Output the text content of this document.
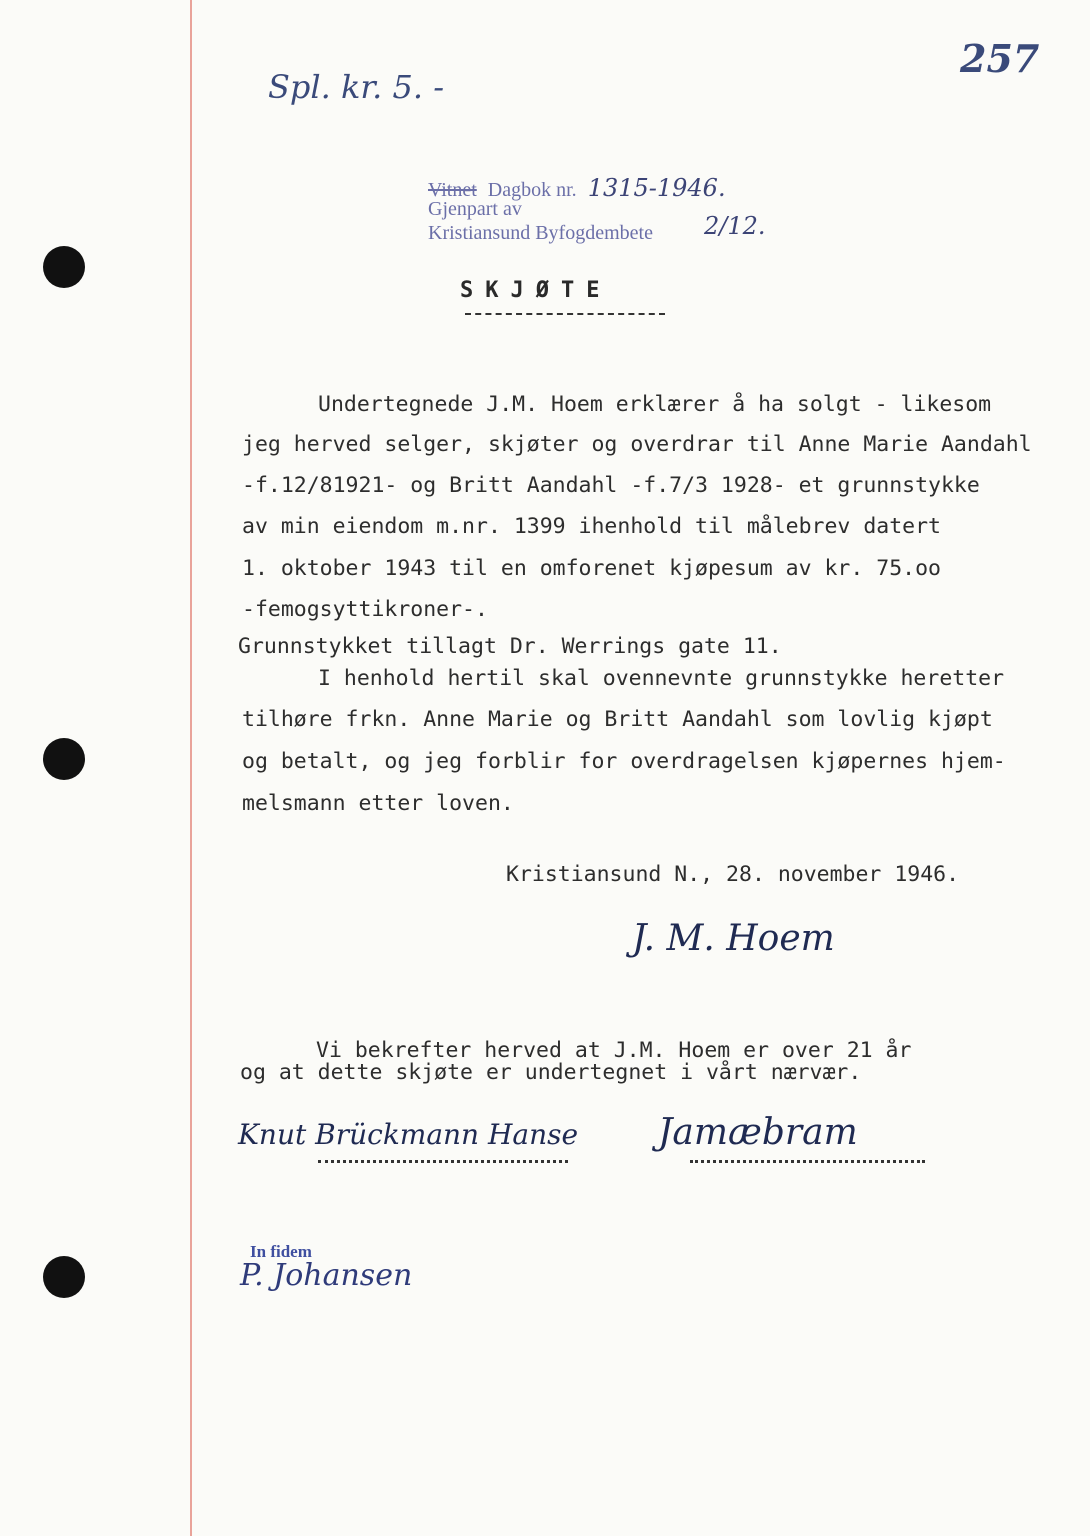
257
Spl. kr. 5. -
Vitnet Dagbok nr. 1315-1946.
Gjenpart av
Kristiansund Byfogdembete 2/12.
SKJØTE
Undertegnede J.M. Hoem erklærer å ha solgt - likesom
jeg herved selger, skjøter og overdrar til Anne Marie Aandahl
-f.12/81921- og Britt Aandahl -f.7/3 1928- et grunnstykke
av min eiendom m.nr. 1399 ihenhold til målebrev datert
1. oktober 1943 til en omforenet kjøpesum av kr. 75.oo
-femogsyttikroner-.
Grunnstykket tillagt Dr. Werrings gate 11.
I henhold hertil skal ovennevnte grunnstykke heretter
tilhøre frkn. Anne Marie og Britt Aandahl som lovlig kjøpt
og betalt, og jeg forblir for overdragelsen kjøpernes hjem-
melsmann etter loven.
Kristiansund N., 28. november 1946.
J. M. Hoem
Vi bekrefter herved at J.M. Hoem er over 21 år
og at dette skjøte er undertegnet i vårt nærvær.
Knut Brückmann Hanse Jamæbram
In fidem
P. Johansen
